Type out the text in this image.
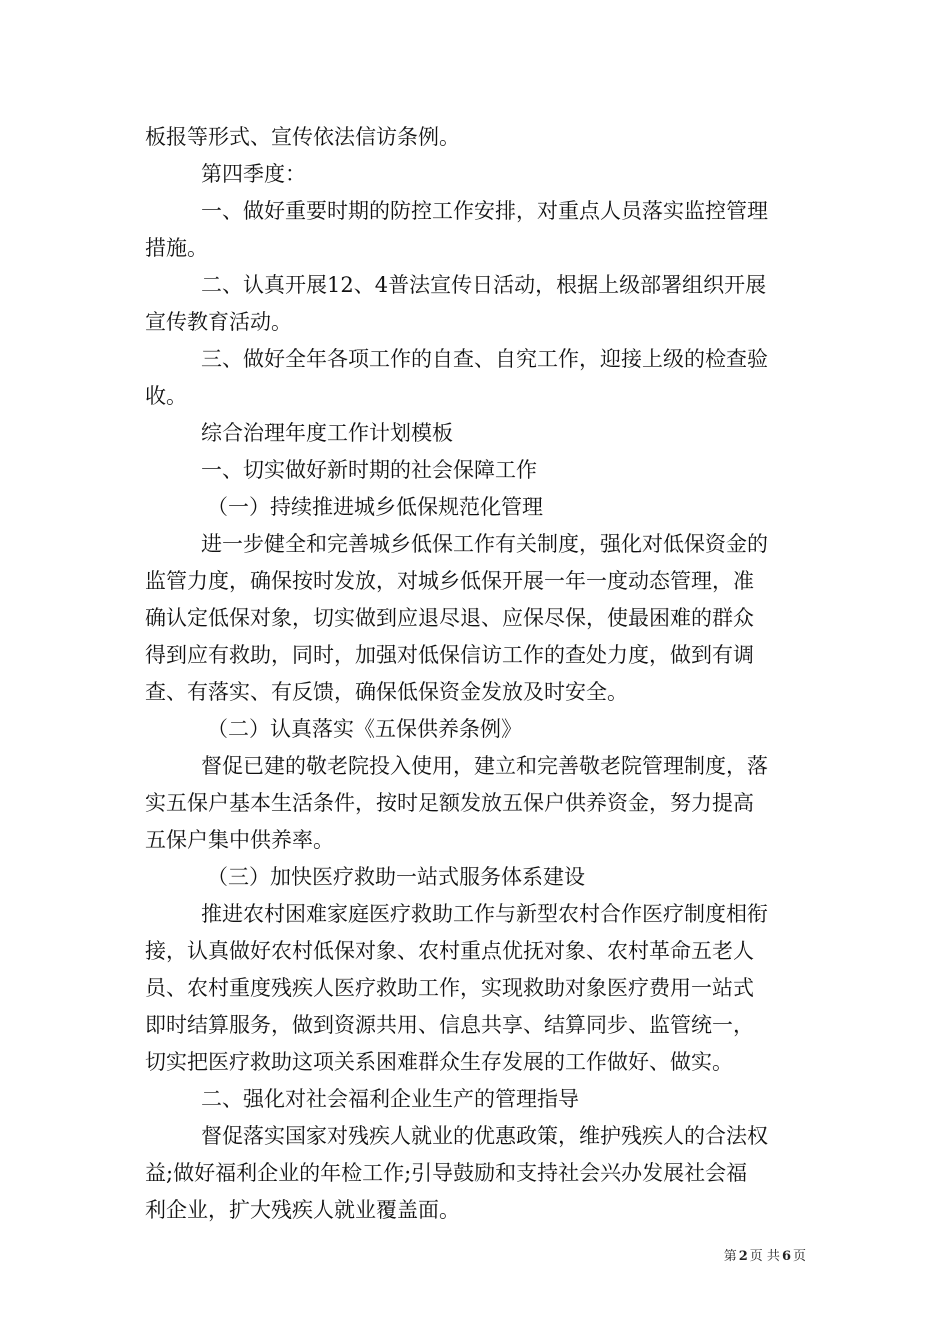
板报等形式、宣传依法信访条例。
第四季度：
一、做好重要时期的防控工作安排，对重点人员落实监控管理
措施。
二、认真开展12、4普法宣传日活动，根据上级部署组织开展
宣传教育活动。
三、做好全年各项工作的自查、自究工作，迎接上级的检查验
收。
综合治理年度工作计划模板
一、切实做好新时期的社会保障工作
（一）持续推进城乡低保规范化管理
进一步健全和完善城乡低保工作有关制度，强化对低保资金的
监管力度，确保按时发放，对城乡低保开展一年一度动态管理，准
确认定低保对象，切实做到应退尽退、应保尽保，使最困难的群众
得到应有救助，同时，加强对低保信访工作的查处力度，做到有调
查、有落实、有反馈，确保低保资金发放及时安全。
（二）认真落实《五保供养条例》
督促已建的敬老院投入使用，建立和完善敬老院管理制度，落
实五保户基本生活条件，按时足额发放五保户供养资金，努力提高
五保户集中供养率。
（三）加快医疗救助一站式服务体系建设
推进农村困难家庭医疗救助工作与新型农村合作医疗制度相衔
接，认真做好农村低保对象、农村重点优抚对象、农村革命五老人
员、农村重度残疾人医疗救助工作，实现救助对象医疗费用一站式
即时结算服务，做到资源共用、信息共享、结算同步、监管统一，
切实把医疗救助这项关系困难群众生存发展的工作做好、做实。
二、强化对社会福利企业生产的管理指导
督促落实国家对残疾人就业的优惠政策，维护残疾人的合法权
益;做好福利企业的年检工作;引导鼓励和支持社会兴办发展社会福
利企业，扩大残疾人就业覆盖面。
第 2 页 共 6 页
